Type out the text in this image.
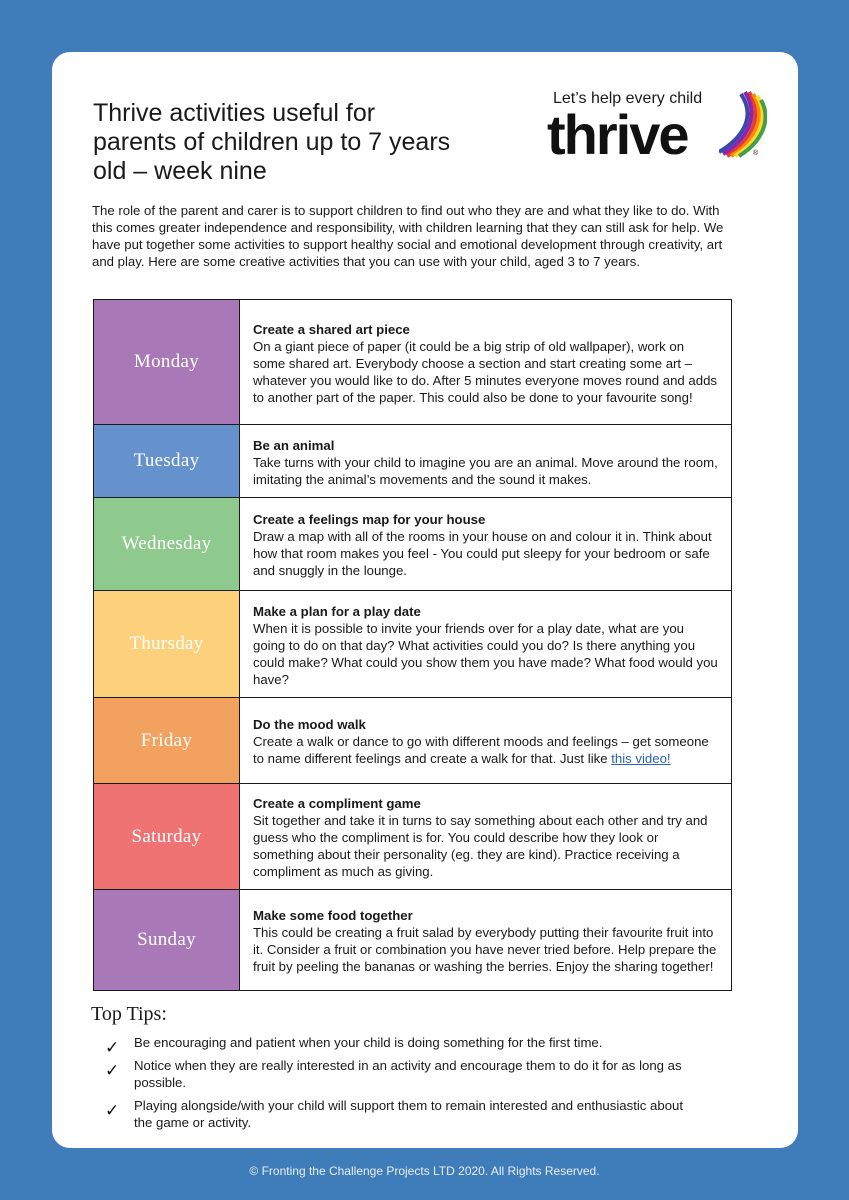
Thrive activities useful for parents of children up to 7 years old – week nine
Let’s help every child
thrive	®

The role of the parent and carer is to support children to find out who they are and what they like to do. With this comes greater independence and responsibility, with children learning that they can still ask for help. We have put together some activities to support healthy social and emotional development through creativity, art and play. Here are some creative activities that you can use with your child, aged 3 to 7 years.

Monday	Create a shared art piece
On a giant piece of paper (it could be a big strip of old wallpaper), work on some shared art. Everybody choose a section and start creating some art – whatever you would like to do. After 5 minutes everyone moves round and adds to another part of the paper. This could also be done to your favourite song!
Tuesday	Be an animal
Take turns with your child to imagine you are an animal. Move around the room, imitating the animal’s movements and the sound it makes.
Wednesday	Create a feelings map for your house
Draw a map with all of the rooms in your house on and colour it in. Think about how that room makes you feel - You could put sleepy for your bedroom or safe and snuggly in the lounge.
Thursday	Make a plan for a play date
When it is possible to invite your friends over for a play date, what are you going to do on that day? What activities could you do? Is there anything you could make? What could you show them you have made? What food would you have?
Friday	Do the mood walk
Create a walk or dance to go with different moods and feelings – get someone to name different feelings and create a walk for that. Just like this video!
Saturday	Create a compliment game
Sit together and take it in turns to say something about each other and try and guess who the compliment is for. You could describe how they look or something about their personality (eg. they are kind). Practice receiving a compliment as much as giving.
Sunday	Make some food together
This could be creating a fruit salad by everybody putting their favourite fruit into it. Consider a fruit or combination you have never tried before. Help prepare the fruit by peeling the bananas or washing the berries. Enjoy the sharing together!
Top Tips:
✓ Be encouraging and patient when your child is doing something for the first time.
✓ Notice when they are really interested in an activity and encourage them to do it for as long as possible.
✓ Playing alongside/with your child will support them to remain interested and enthusiastic about the game or activity.
© Fronting the Challenge Projects LTD 2020. All Rights Reserved.
